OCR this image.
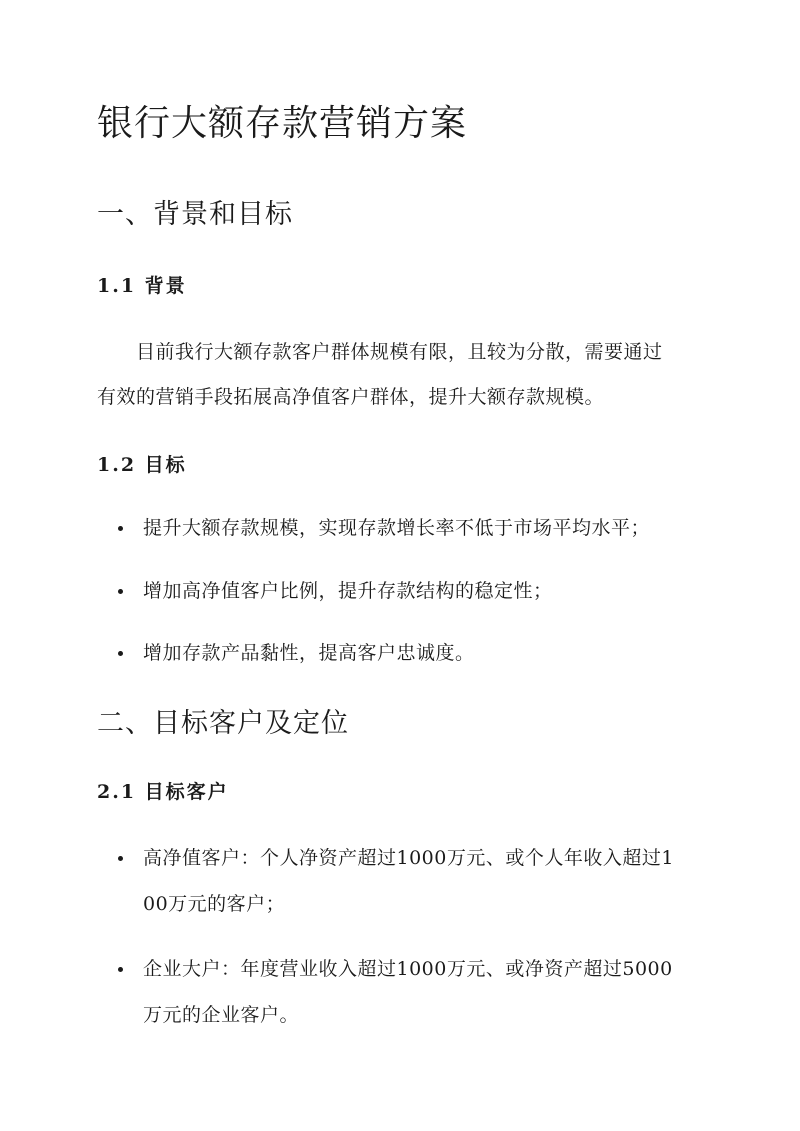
银行大额存款营销方案
一、背景和目标
1.1 背景

目前我行大额存款客户群体规模有限，且较为分散，需要通过

有效的营销手段拓展高净值客户群体，提升大额存款规模。

1.2 目标

提升大额存款规模，实现存款增长率不低于市场平均水平；

增加高净值客户比例，提升存款结构的稳定性；

增加存款产品黏性，提高客户忠诚度。

二、目标客户及定位
2.1 目标客户

高净值客户：个人净资产超过1000万元、或个人年收入超过1

00万元的客户；

企业大户：年度营业收入超过1000万元、或净资产超过5000

万元的企业客户。
